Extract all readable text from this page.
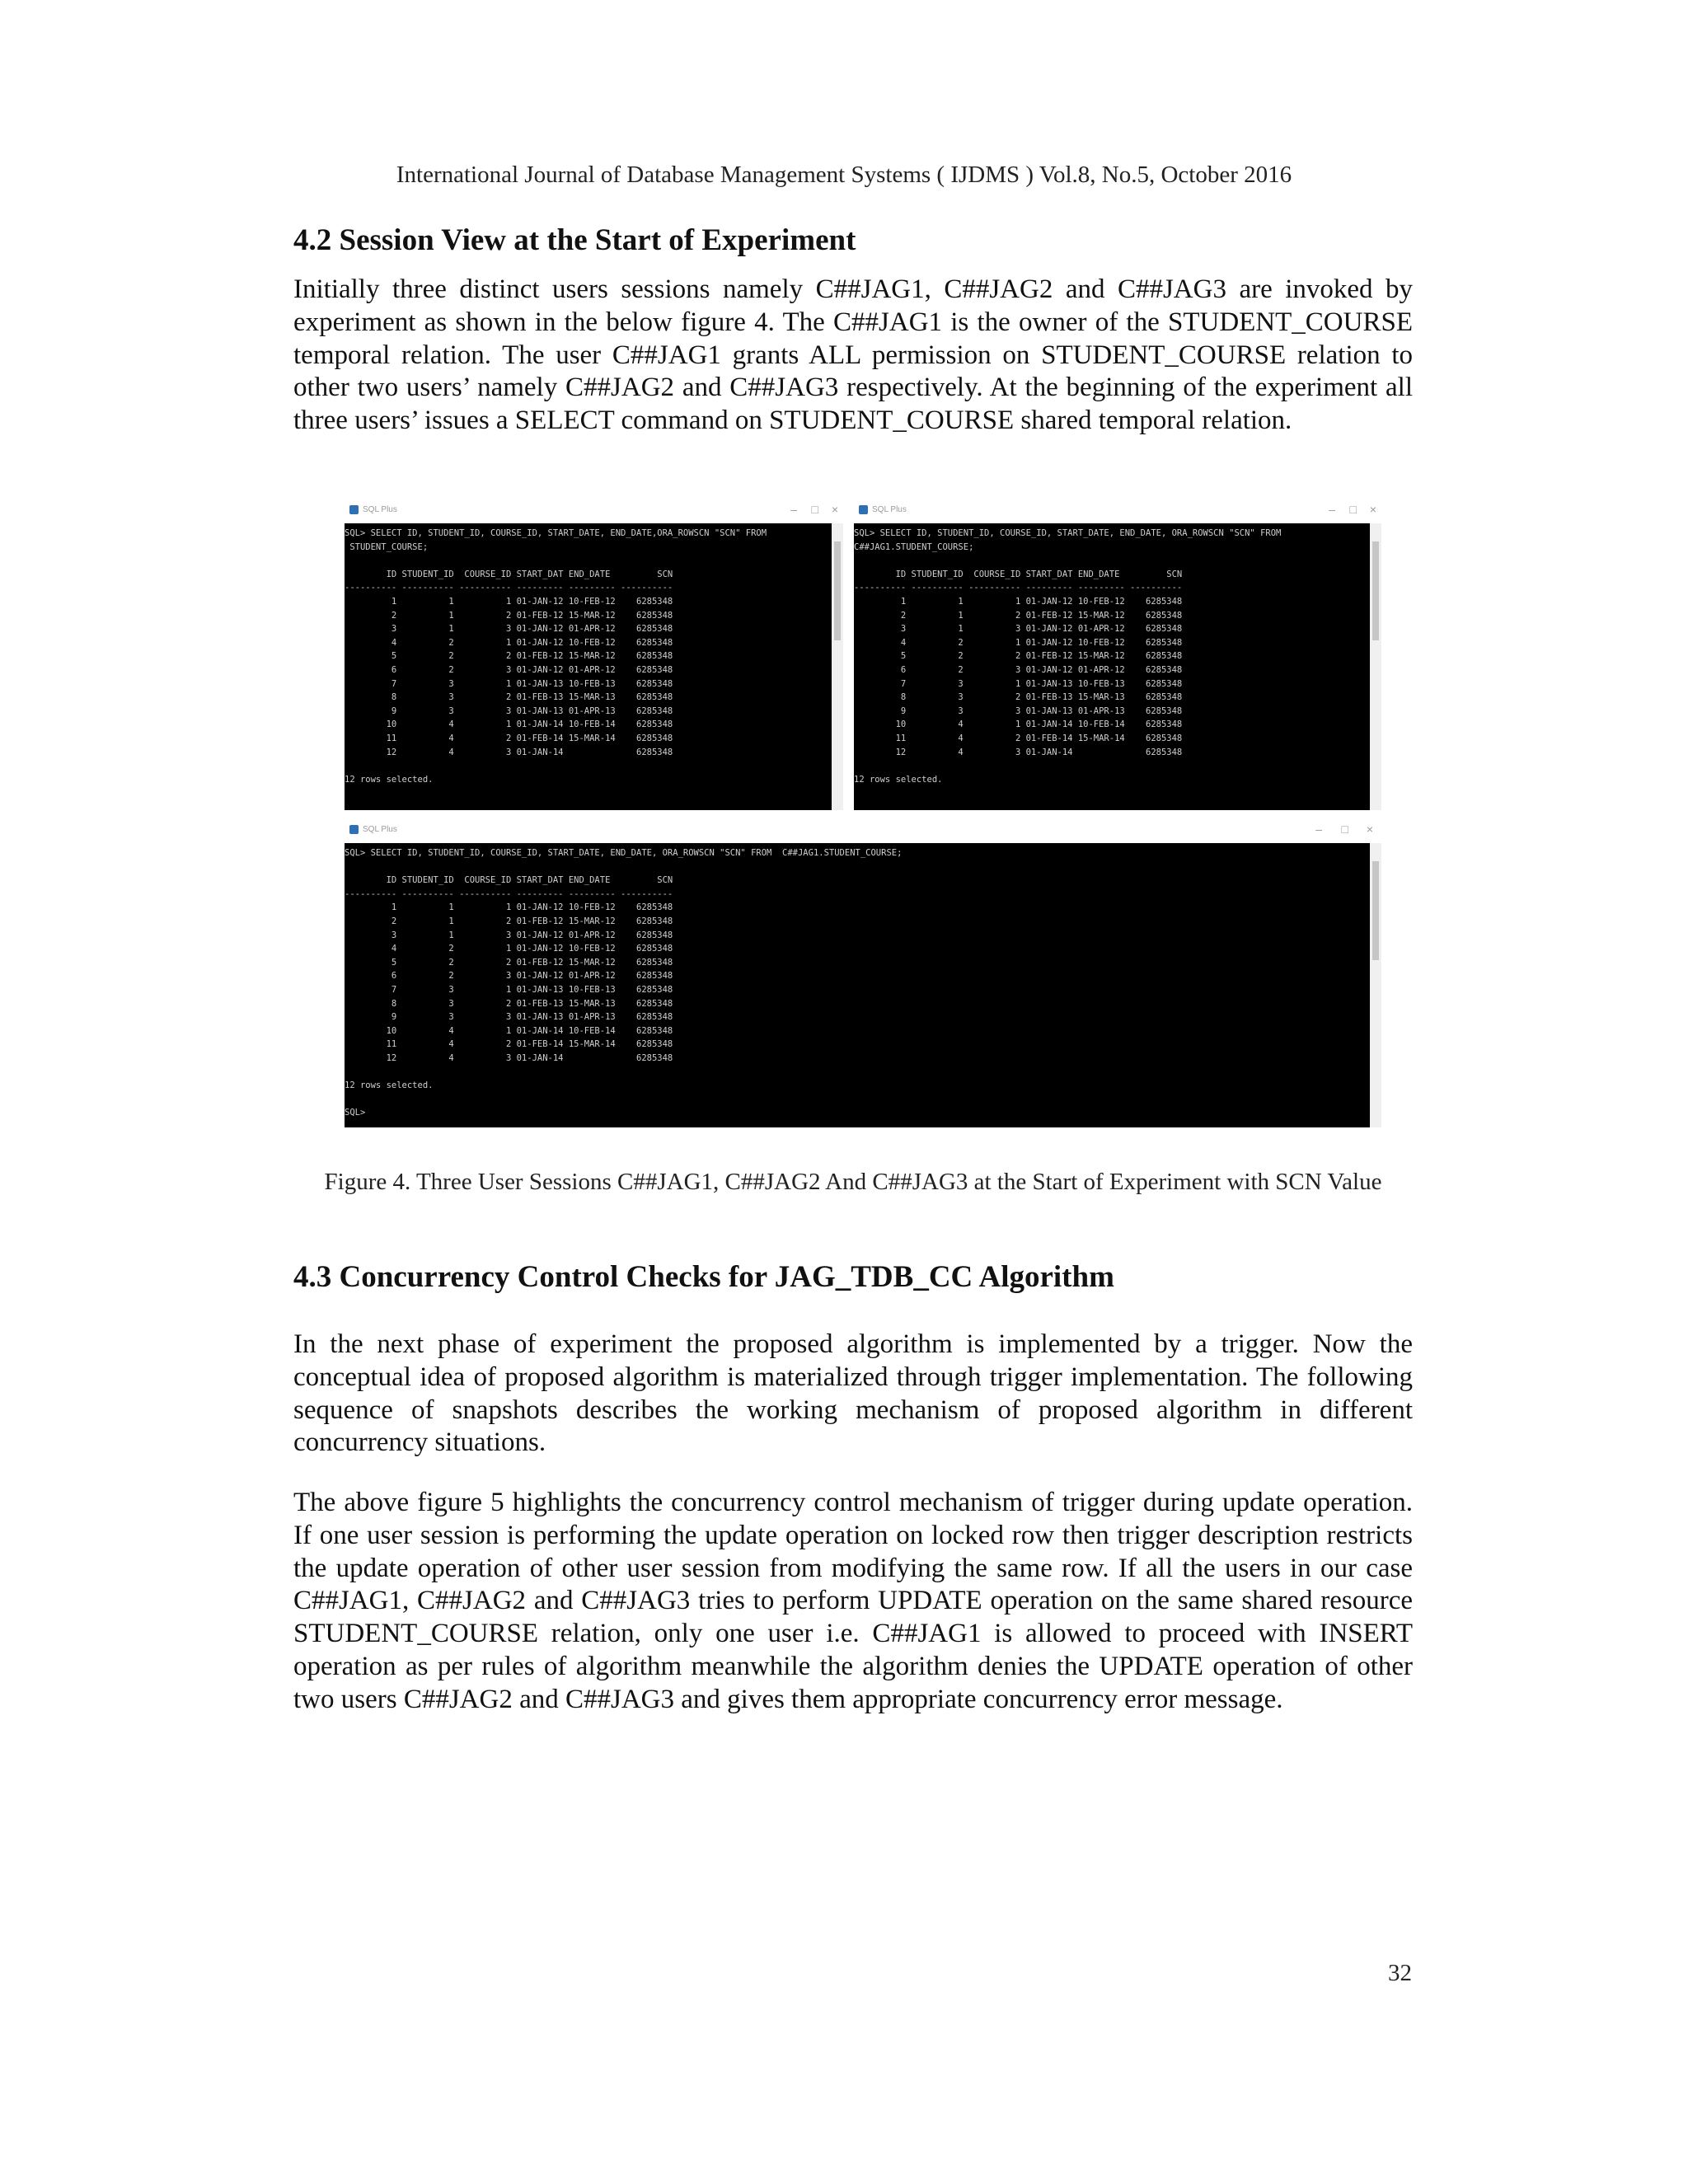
International Journal of Database Management Systems ( IJDMS ) Vol.8, No.5, October 2016
4.2 Session View at the Start of Experiment

Initially three distinct users sessions namely C##JAG1, C##JAG2 and C##JAG3 are invoked by experiment as shown in the below figure 4. The C##JAG1 is the owner of the STUDENT_COURSE temporal relation. The user C##JAG1 grants ALL permission on STUDENT_COURSE relation to other two users’ namely C##JAG2 and C##JAG3 respectively. At the beginning of the experiment all three users’ issues a SELECT command on STUDENT_COURSE shared temporal relation.

SQL Plus	– □ ×
SQL> SELECT ID, STUDENT_ID, COURSE_ID, START_DATE, END_DATE,ORA_ROWSCN "SCN" FROM
STUDENT_COURSE;

ID STUDENT_ID  COURSE_ID START_DAT END_DATE         SCN
---------- ---------- ---------- --------- --------- ----------
1          1          1 01-JAN-12 10-FEB-12    6285348
2          1          2 01-FEB-12 15-MAR-12    6285348
3          1          3 01-JAN-12 01-APR-12    6285348
4          2          1 01-JAN-12 10-FEB-12    6285348
5          2          2 01-FEB-12 15-MAR-12    6285348
6          2          3 01-JAN-12 01-APR-12    6285348
7          3          1 01-JAN-13 10-FEB-13    6285348
8          3          2 01-FEB-13 15-MAR-13    6285348
9          3          3 01-JAN-13 01-APR-13    6285348
10          4          1 01-JAN-14 10-FEB-14    6285348
11          4          2 01-FEB-14 15-MAR-14    6285348
12          4          3 01-JAN-14              6285348

12 rows selected.
SQL Plus	– □ ×
SQL> SELECT ID, STUDENT_ID, COURSE_ID, START_DATE, END_DATE, ORA_ROWSCN "SCN" FROM
C##JAG1.STUDENT_COURSE;

ID STUDENT_ID  COURSE_ID START_DAT END_DATE         SCN
---------- ---------- ---------- --------- --------- ----------
1          1          1 01-JAN-12 10-FEB-12    6285348
2          1          2 01-FEB-12 15-MAR-12    6285348
3          1          3 01-JAN-12 01-APR-12    6285348
4          2          1 01-JAN-12 10-FEB-12    6285348
5          2          2 01-FEB-12 15-MAR-12    6285348
6          2          3 01-JAN-12 01-APR-12    6285348
7          3          1 01-JAN-13 10-FEB-13    6285348
8          3          2 01-FEB-13 15-MAR-13    6285348
9          3          3 01-JAN-13 01-APR-13    6285348
10          4          1 01-JAN-14 10-FEB-14    6285348
11          4          2 01-FEB-14 15-MAR-14    6285348
12          4          3 01-JAN-14              6285348

12 rows selected.
SQL Plus	– □ ×
SQL> SELECT ID, STUDENT_ID, COURSE_ID, START_DATE, END_DATE, ORA_ROWSCN "SCN" FROM  C##JAG1.STUDENT_COURSE;

ID STUDENT_ID  COURSE_ID START_DAT END_DATE         SCN
---------- ---------- ---------- --------- --------- ----------
1          1          1 01-JAN-12 10-FEB-12    6285348
2          1          2 01-FEB-12 15-MAR-12    6285348
3          1          3 01-JAN-12 01-APR-12    6285348
4          2          1 01-JAN-12 10-FEB-12    6285348
5          2          2 01-FEB-12 15-MAR-12    6285348
6          2          3 01-JAN-12 01-APR-12    6285348
7          3          1 01-JAN-13 10-FEB-13    6285348
8          3          2 01-FEB-13 15-MAR-13    6285348
9          3          3 01-JAN-13 01-APR-13    6285348
10          4          1 01-JAN-14 10-FEB-14    6285348
11          4          2 01-FEB-14 15-MAR-14    6285348
12          4          3 01-JAN-14              6285348

12 rows selected.

SQL>
Figure 4. Three User Sessions C##JAG1, C##JAG2 And C##JAG3 at the Start of Experiment with SCN Value
4.3 Concurrency Control Checks for JAG_TDB_CC Algorithm

In the next phase of experiment the proposed algorithm is implemented by a trigger. Now the conceptual idea of proposed algorithm is materialized through trigger implementation. The following sequence of snapshots describes the working mechanism of proposed algorithm in different concurrency situations.

The above figure 5 highlights the concurrency control mechanism of trigger during update operation. If one user session is performing the update operation on locked row then trigger description restricts the update operation of other user session from modifying the same row. If all the users in our case C##JAG1, C##JAG2 and C##JAG3 tries to perform UPDATE operation on the same shared resource STUDENT_COURSE relation, only one user i.e. C##JAG1 is allowed to proceed with INSERT operation as per rules of algorithm meanwhile the algorithm denies the UPDATE operation of other two users C##JAG2 and C##JAG3 and gives them appropriate concurrency error message.

32
